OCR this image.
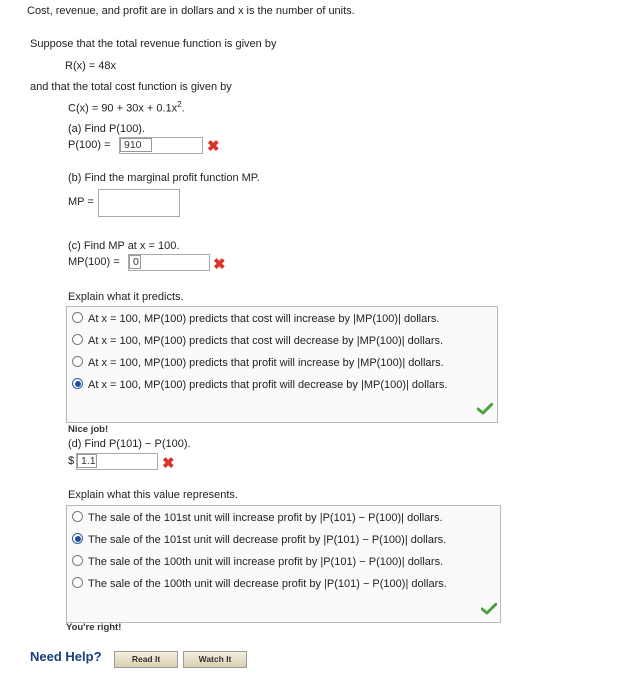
Cost, revenue, and profit are in dollars and x is the number of units.
Suppose that the total revenue function is given by
R(x) = 48x
and that the total cost function is given by
$C(x) = 90 + 30x + 0.1x^2$.
(a) Find P(100).
P(100) =	910	✖
(b) Find the marginal profit function MP.
MP =
(c) Find MP at x = 100.
MP(100) =	0	✖
Explain what it predicts.
At x = 100, MP(100) predicts that cost will increase by |MP(100)| dollars.
At x = 100, MP(100) predicts that cost will decrease by |MP(100)| dollars.
At x = 100, MP(100) predicts that profit will increase by |MP(100)| dollars.
At x = 100, MP(100) predicts that profit will decrease by |MP(100)| dollars.
Nice job!
(d) Find P(101) − P(100).
$ 1.1	✖
Explain what this value represents.
The sale of the 101st unit will increase profit by |P(101) − P(100)| dollars.
The sale of the 101st unit will decrease profit by |P(101) − P(100)| dollars.
The sale of the 100th unit will increase profit by |P(101) − P(100)| dollars.
The sale of the 100th unit will decrease profit by |P(101) − P(100)| dollars.
You're right!
Need Help?	Read It	Watch It
